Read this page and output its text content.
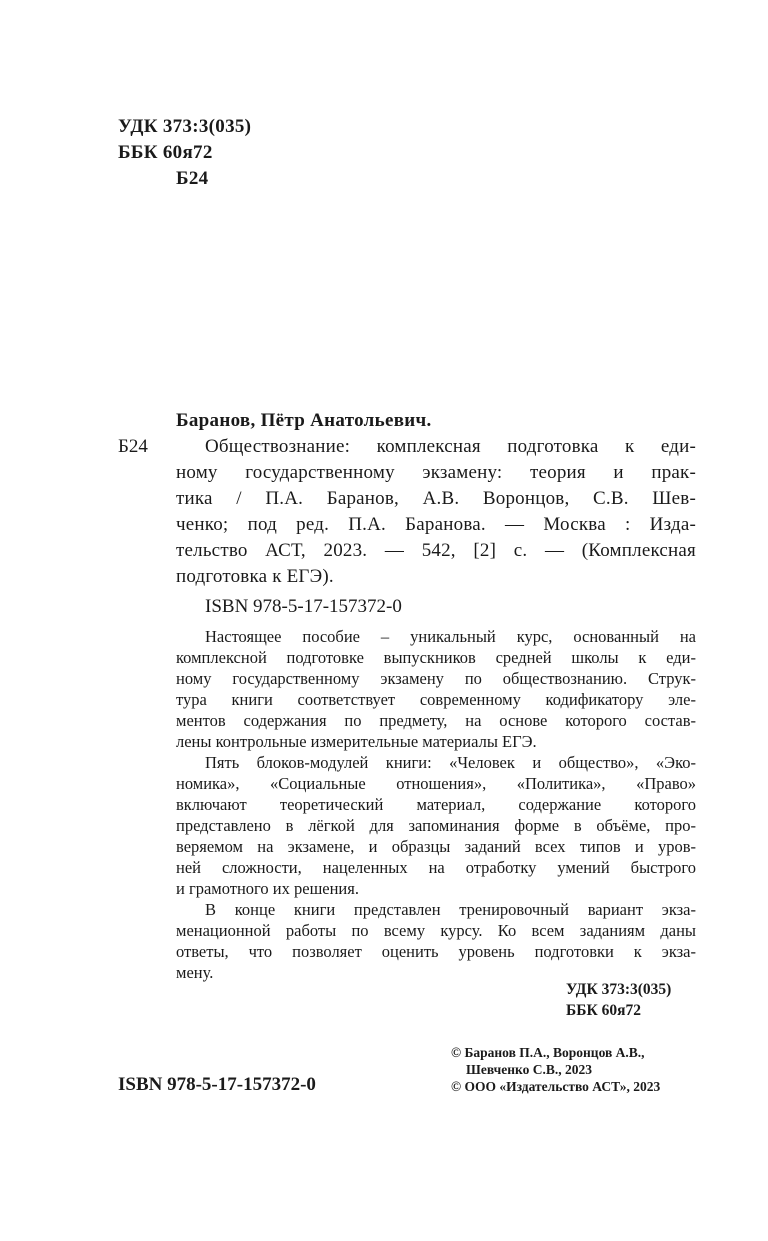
УДК 373:3(035)
ББК 60я72
Б24
Баранов, Пётр Анатольевич.
Б24	Обществознание: комплексная подготовка к еди-
ному государственному экзамену: теория и прак-
тика / П.А. Баранов, А.В. Воронцов, С.В. Шев-
ченко; под ред. П.А. Баранова. — Москва : Изда-
тельство АСТ, 2023. — 542, [2] с. — (Комплексная
подготовка к ЕГЭ).
ISBN 978-5-17-157372-0
Настоящее пособие – уникальный курс, основанный на
комплексной подготовке выпускников средней школы к еди-
ному государственному экзамену по обществознанию. Струк-
тура книги соответствует современному кодификатору эле-
ментов содержания по предмету, на основе которого состав-
лены контрольные измерительные материалы ЕГЭ.
Пять блоков-модулей книги: «Человек и общество», «Эко-
номика», «Социальные отношения», «Политика», «Право»
включают теоретический материал, содержание которого
представлено в лёгкой для запоминания форме в объёме, про-
веряемом на экзамене, и образцы заданий всех типов и уров-
ней сложности, нацеленных на отработку умений быстрого
и грамотного их решения.
В конце книги представлен тренировочный вариант экза-
менационной работы по всему курсу. Ко всем заданиям даны
ответы, что позволяет оценить уровень подготовки к экза-
мену.
УДК 373:3(035)
ББК 60я72
© Баранов П.А., Воронцов А.В.,
Шевченко С.В., 2023
© ООО «Издательство АСТ», 2023
ISBN 978-5-17-157372-0
